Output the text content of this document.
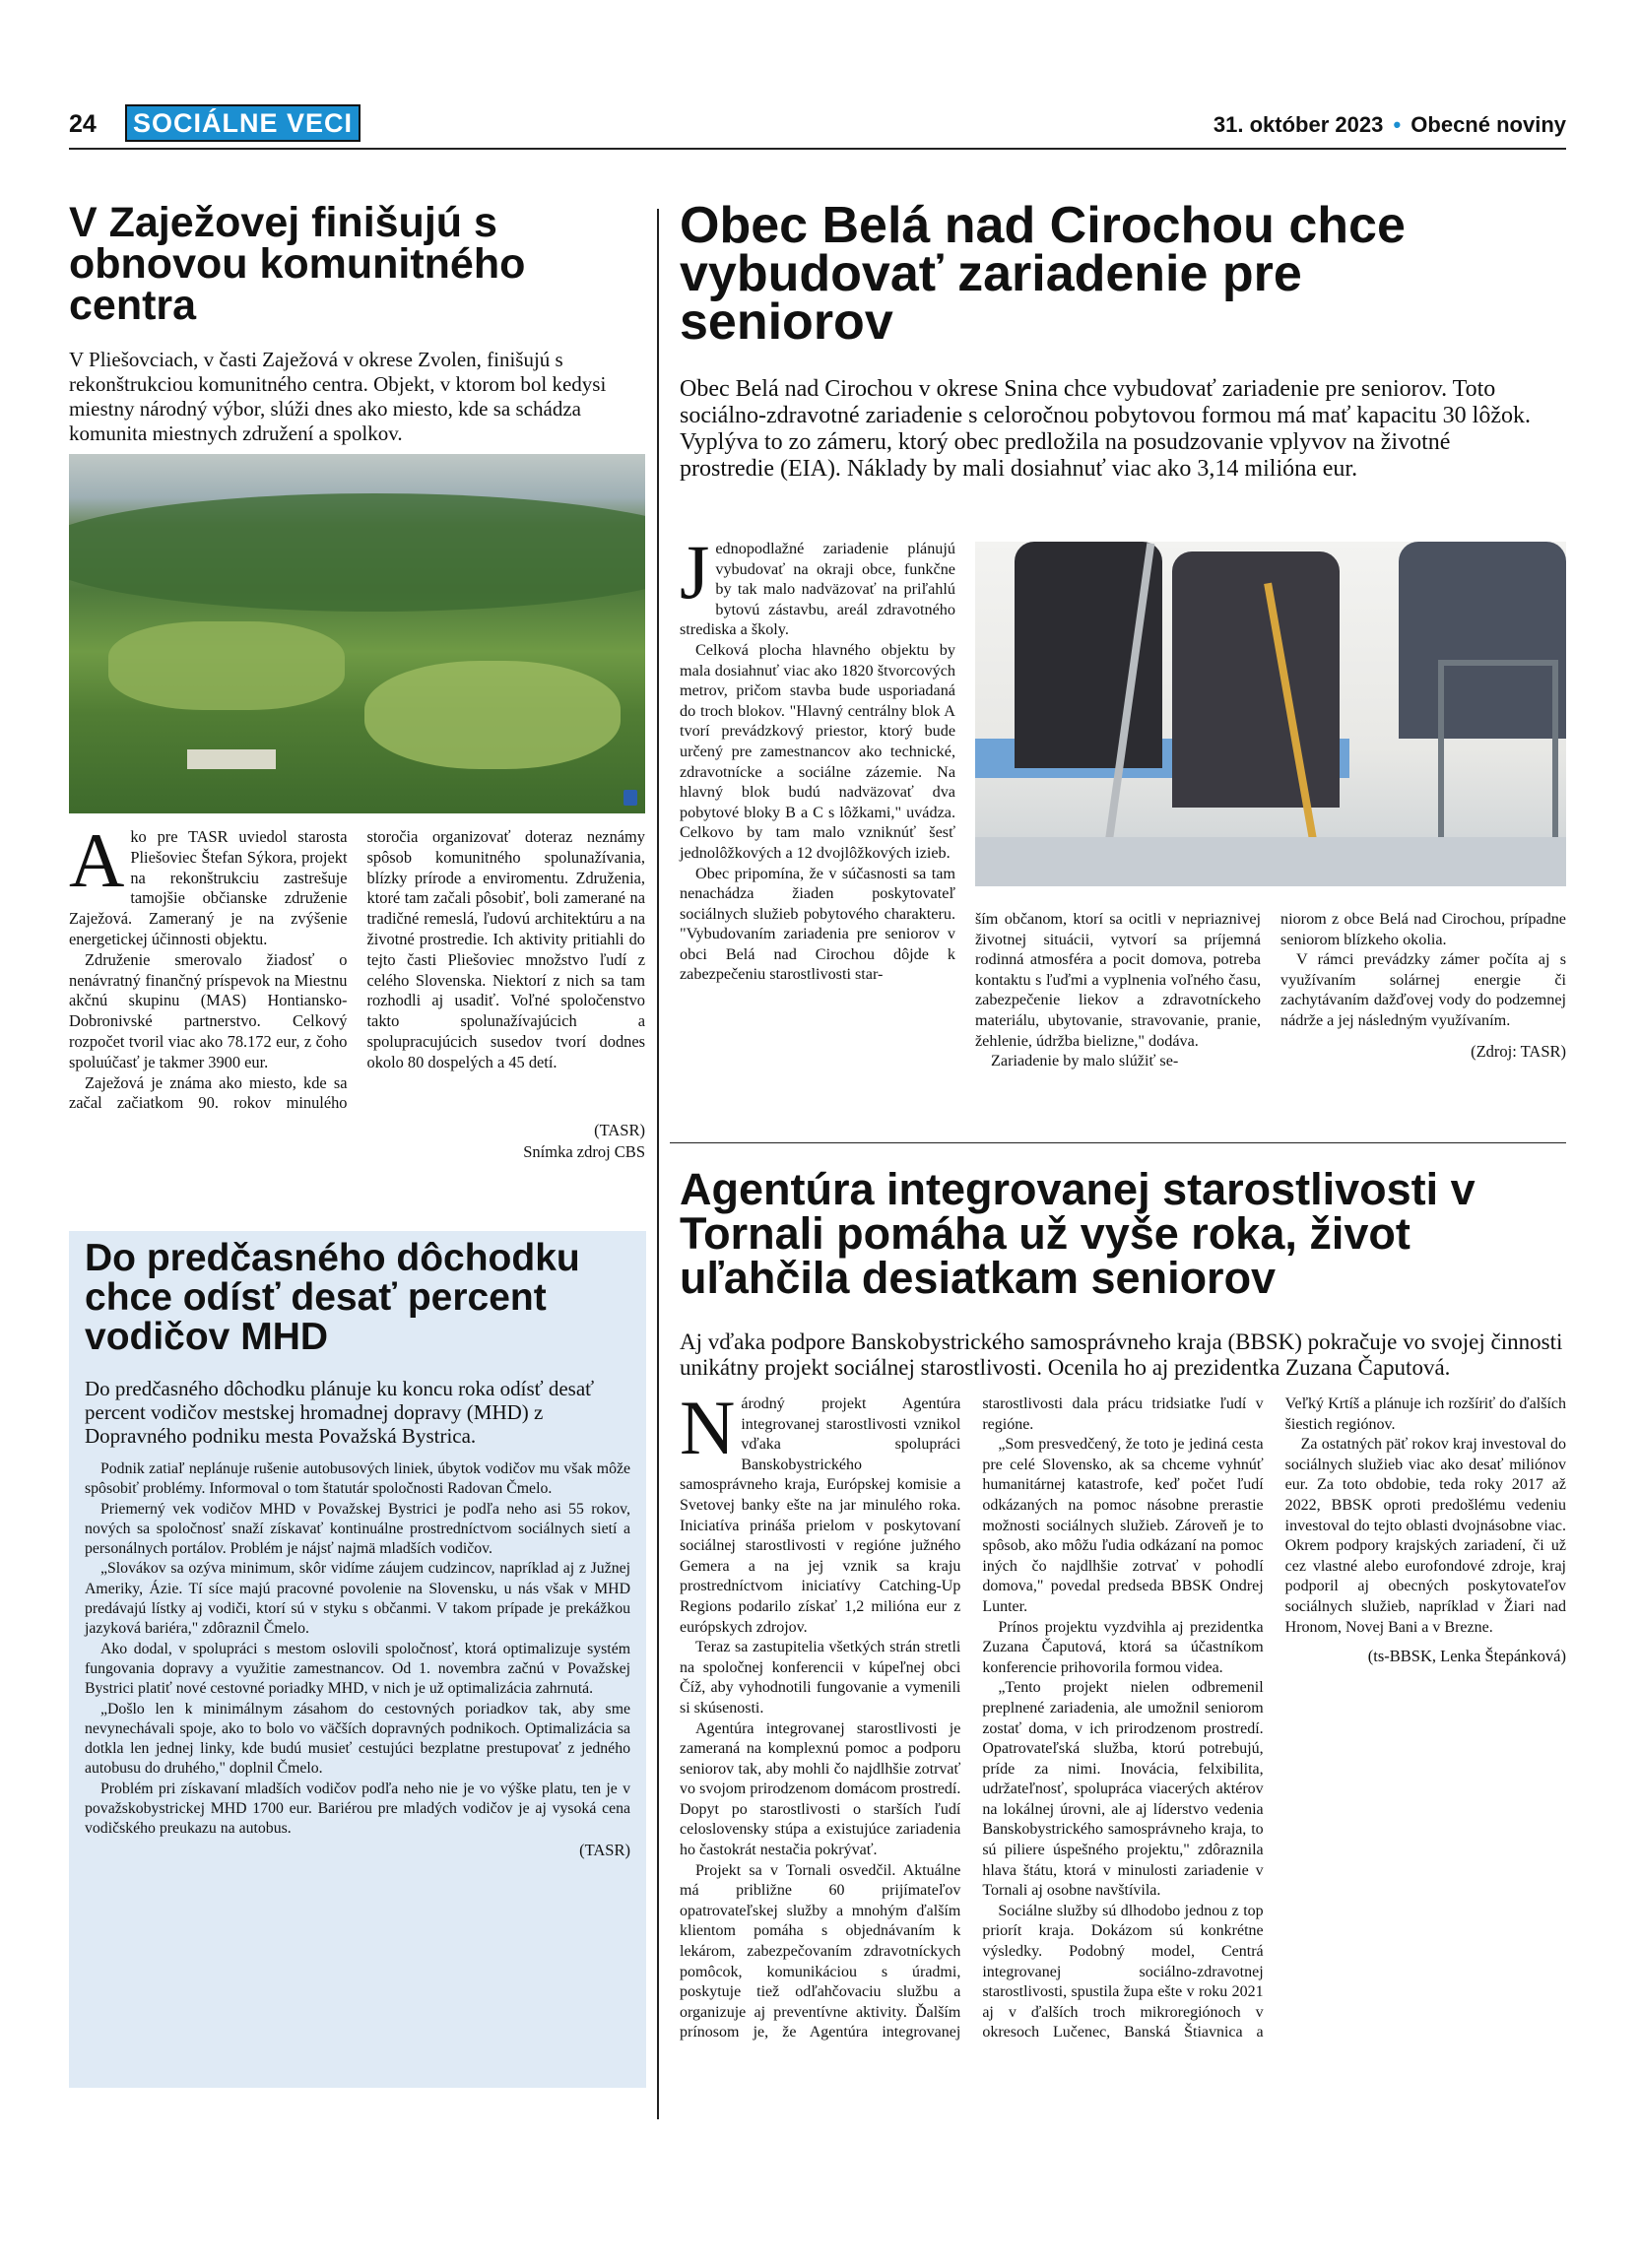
24 SOCIÁLNE VECI	31. október 2023 • Obecné noviny
V Zaježovej finišujú s obnovou komunitného centra

V Pliešovciach, v časti Zaježová v okrese Zvolen, finišujú s rekonštrukciou komunitného centra. Objekt, v ktorom bol kedysi miestny národný výbor, slúži dnes ako miesto, kde sa schádza komunita miestnych združení a spolkov.

Ako pre TASR uviedol starosta Pliešoviec Štefan Sýkora, projekt na rekonštrukciu zastrešuje tamojšie občianske združenie Zaježová. Zameraný je na zvýšenie energetickej účinnosti objektu.

Združenie smerovalo žiadosť o nenávratný finančný príspevok na Miestnu akčnú skupinu (MAS) Hontiansko-Dobronivské partnerstvo. Celkový rozpočet tvoril viac ako 78.172 eur, z čoho spoluúčasť je takmer 3900 eur.

Zaježová je známa ako miesto, kde sa začal začiatkom 90. rokov minulého storočia organizovať doteraz neznámy spôsob komunitného spolunažívania, blízky prírode a enviromentu. Združenia, ktoré tam začali pôsobiť, boli zamerané na tradičné remeslá, ľudovú architektúru a na životné prostredie. Ich aktivity pritiahli do tejto časti Pliešoviec množstvo ľudí z celého Slovenska. Niektorí z nich sa tam rozhodli aj usadiť. Voľné spoločenstvo takto spolunažívajúcich a spolupracujúcich susedov tvorí dodnes okolo 80 dospelých a 45 detí.

(TASR)
Snímka zdroj CBS
Obec Belá nad Cirochou chce vybudovať zariadenie pre seniorov

Obec Belá nad Cirochou v okrese Snina chce vybudovať zariadenie pre seniorov. Toto sociálno-zdravotné zariadenie s celoročnou pobytovou formou má mať kapacitu 30 lôžok. Vyplýva to zo zámeru, ktorý obec predložila na posudzovanie vplyvov na životné prostredie (EIA). Náklady by mali dosiahnuť viac ako 3,14 milióna eur.

Jednopodlažné zariadenie plánujú vybudovať na okraji obce, funkčne by tak malo nadväzovať na priľahlú bytovú zástavbu, areál zdravotného strediska a školy.

Celková plocha hlavného objektu by mala dosiahnuť viac ako 1820 štvorcových metrov, pričom stavba bude usporiadaná do troch blokov. "Hlavný centrálny blok A tvorí prevádzkový priestor, ktorý bude určený pre zamestnancov ako technické, zdravotnícke a sociálne zázemie. Na hlavný blok budú nadväzovať dva pobytové bloky B a C s lôžkami," uvádza. Celkovo by tam malo vzniknúť šesť jednolôžkových a 12 dvojlôžkových izieb.

Obec pripomína, že v súčasnosti sa tam nenachádza žiaden poskytovateľ sociálnych služieb pobytového charakteru. "Vybudovaním zariadenia pre seniorov v obci Belá nad Cirochou dôjde k zabezpečeniu starostlivosti star-

ším občanom, ktorí sa ocitli v nepriaznivej životnej situácii, vytvorí sa príjemná rodinná atmosféra a pocit domova, potreba kontaktu s ľuďmi a vyplnenia voľného času, zabezpečenie liekov a zdravotníckeho materiálu, ubytovanie, stravovanie, pranie, žehlenie, údržba bielizne," dodáva.

Zariadenie by malo slúžiť se-

niorom z obce Belá nad Cirochou, prípadne seniorom blízkeho okolia.

V rámci prevádzky zámer počíta aj s využívaním solárnej energie či zachytávaním dažďovej vody do podzemnej nádrže a jej následným využívaním.

(Zdroj: TASR)
Do predčasného dôchodku chce odísť desať percent vodičov MHD

Do predčasného dôchodku plánuje ku koncu roka odísť desať percent vodičov mestskej hromadnej dopravy (MHD) z Dopravného podniku mesta Považská Bystrica.

Podnik zatiaľ neplánuje rušenie autobusových liniek, úbytok vodičov mu však môže spôsobiť problémy. Informoval o tom štatutár spoločnosti Radovan Čmelo.

Priemerný vek vodičov MHD v Považskej Bystrici je podľa neho asi 55 rokov, nových sa spoločnosť snaží získavať kontinuálne prostredníctvom sociálnych sietí a personálnych portálov. Problém je nájsť najmä mladších vodičov.

„Slovákov sa ozýva minimum, skôr vidíme záujem cudzincov, napríklad aj z Južnej Ameriky, Ázie. Tí síce majú pracovné povolenie na Slovensku, u nás však v MHD predávajú lístky aj vodiči, ktorí sú v styku s občanmi. V takom prípade je prekážkou jazyková bariéra," zdôraznil Čmelo.

Ako dodal, v spolupráci s mestom oslovili spoločnosť, ktorá optimalizuje systém fungovania dopravy a využitie zamestnancov. Od 1. novembra začnú v Považskej Bystrici platiť nové cestovné poriadky MHD, v nich je už optimalizácia zahrnutá.

„Došlo len k minimálnym zásahom do cestovných poriadkov tak, aby sme nevynechávali spoje, ako to bolo vo väčších dopravných podnikoch. Optimalizácia sa dotkla len jednej linky, kde budú musieť cestujúci bezplatne prestupovať z jedného autobusu do druhého," doplnil Čmelo.

Problém pri získavaní mladších vodičov podľa neho nie je vo výške platu, ten je v považskobystrickej MHD 1700 eur. Bariérou pre mladých vodičov je aj vysoká cena vodičského preukazu na autobus.

(TASR)
Agentúra integrovanej starostlivosti v Tornali pomáha už vyše roka, život uľahčila desiatkam seniorov

Aj vďaka podpore Banskobystrického samosprávneho kraja (BBSK) pokračuje vo svojej činnosti unikátny projekt sociálnej starostlivosti. Ocenila ho aj prezidentka Zuzana Čaputová.

Národný projekt Agentúra integrovanej starostlivosti vznikol vďaka spolupráci Banskobystrického samosprávneho kraja, Európskej komisie a Svetovej banky ešte na jar minulého roka. Iniciatíva prináša prielom v poskytovaní sociálnej starostlivosti v regióne južného Gemera a na jej vznik sa kraju prostredníctvom iniciatívy Catching-Up Regions podarilo získať 1,2 milióna eur z európskych zdrojov.

Teraz sa zastupitelia všetkých strán stretli na spoločnej konferencii v kúpeľnej obci Číž, aby vyhodnotili fungovanie a vymenili si skúsenosti.

Agentúra integrovanej starostlivosti je zameraná na komplexnú pomoc a podporu seniorov tak, aby mohli čo najdlhšie zotrvať vo svojom prirodzenom domácom prostredí. Dopyt po starostlivosti o starších ľudí celoslovensky stúpa a existujúce zariadenia ho častokrát nestačia pokrývať.

Projekt sa v Tornali osvedčil. Aktuálne má približne 60 prijímateľov opatrovateľskej služby a mnohým ďalším klientom pomáha s objednávaním k lekárom, zabezpečovaním zdravotníckych pomôcok, komunikáciou s úradmi, poskytuje tiež odľahčovaciu službu a organizuje aj preventívne aktivity. Ďalším prínosom je, že Agentúra integrovanej starostlivosti dala prácu tridsiatke ľudí v regióne.

„Som presvedčený, že toto je jediná cesta pre celé Slovensko, ak sa chceme vyhnúť humanitárnej katastrofe, keď počet ľudí odkázaných na pomoc násobne prerastie možnosti sociálnych služieb. Zároveň je to spôsob, ako môžu ľudia odkázaní na pomoc iných čo najdlhšie zotrvať v pohodlí domova," povedal predseda BBSK Ondrej Lunter.

Prínos projektu vyzdvihla aj prezidentka Zuzana Čaputová, ktorá sa účastníkom konferencie prihovorila formou videa.

„Tento projekt nielen odbremenil preplnené zariadenia, ale umožnil seniorom zostať doma, v ich prirodzenom prostredí. Opatrovateľská služba, ktorú potrebujú, príde za nimi. Inovácia, felxibilita, udržateľnosť, spolupráca viacerých aktérov na lokálnej úrovni, ale aj líderstvo vedenia Banskobystrického samosprávneho kraja, to sú piliere úspešného projektu," zdôraznila hlava štátu, ktorá v minulosti zariadenie v Tornali aj osobne navštívila.

Sociálne služby sú dlhodobo jednou z top priorít kraja. Dokázom sú konkrétne výsledky. Podobný model, Centrá integrovanej sociálno-zdravotnej starostlivosti, spustila župa ešte v roku 2021 aj v ďalších troch mikroregiónoch v okresoch Lučenec, Banská Štiavnica a Veľký Krtíš a plánuje ich rozšíriť do ďalších šiestich regiónov.

Za ostatných päť rokov kraj investoval do sociálnych služieb viac ako desať miliónov eur. Za toto obdobie, teda roky 2017 až 2022, BBSK oproti predošlému vedeniu investoval do tejto oblasti dvojnásobne viac. Okrem podpory krajských zariadení, či už cez vlastné alebo eurofondové zdroje, kraj podporil aj obecných poskytovateľov sociálnych služieb, napríklad v Žiari nad Hronom, Novej Bani a v Brezne.

(ts-BBSK, Lenka Štepánková)
